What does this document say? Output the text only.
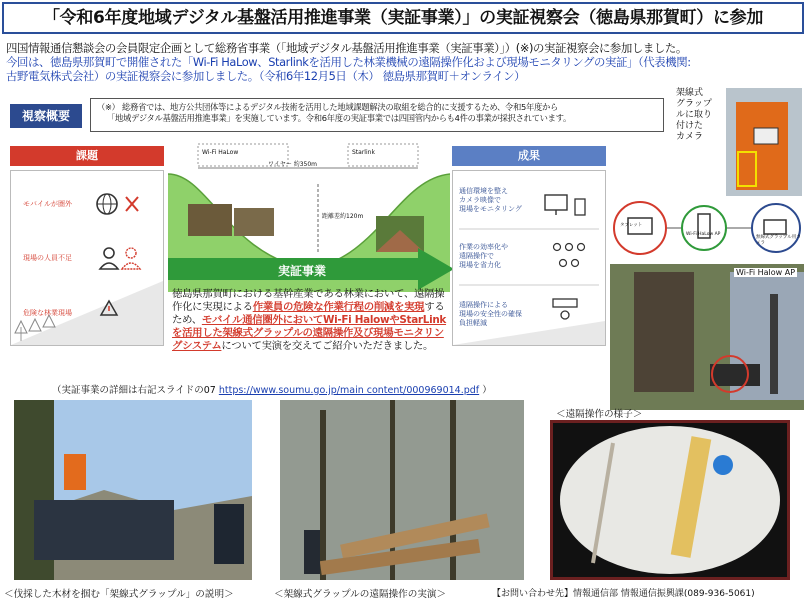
「令和6年度地域デジタル基盤活用推進事業（実証事業）」の実証視察会（徳島県那賀町）に参加
四国情報通信懇談会の会員限定企画として総務省事業（「地域デジタル基盤活用推進事業（実証事業）」）(※)の実証視察会に参加しました。
今回は、徳島県那賀町で開催された「Wi-Fi HaLow、Starlinkを活用した林業機械の遠隔操作化および現場モニタリングの実証」（代表機関:
古野電気株式会社）の実証視察会に参加しました。（令和6年12月5日（木） 徳島県那賀町＋オンライン）
視察概要
（※） 総務省では、地方公共団体等によるデジタル技術を活用した地域課題解決の取組を総合的に支援するため、令和5年度から
「地域デジタル基盤活用推進事業」を実施しています。令和6年度の実証事業では四国管内からも4件の事業が採択されています。
課題
モバイルが圏外
現場の人員不足
危険な林業現場
ワイヤー 約350m
距離差約120m
Wi-Fi HaLow	Starlink
実証事業
成果
通信環境を整え
カメラ映像で
現場をモニタリング
作業の効率化や
遠隔操作で
現場を省力化
遠隔操作による
現場の安全性の確保
負担軽減
徳島県那賀町における基幹産業である林業において、遠隔操作化に実現による作業員の危険な作業行程の削減を実現するため、モバイル通信圏外においてWi-Fi HalowやStarLinkを活用した架線式グラップルの遠隔操作及び現場モニタリングシステムについて実演を交えてご紹介いただきました。
（実証事業の詳細は右記スライドの07 https://www.soumu.go.jp/main content/000969014.pdf ）
架線式
グラップ
ルに取り
付けた
カメラ
タブレット
Wi-Fi HaLow AP
無線式グラップル用カメラ
Wi-Fi Halow AP
＜遠隔操作の様子＞
＜伐採した木材を掴む「架線式グラップル」の説明＞	＜架線式グラップルの遠隔操作の実演＞	【お問い合わせ先】情報通信部 情報通信振興課(089-936-5061)
